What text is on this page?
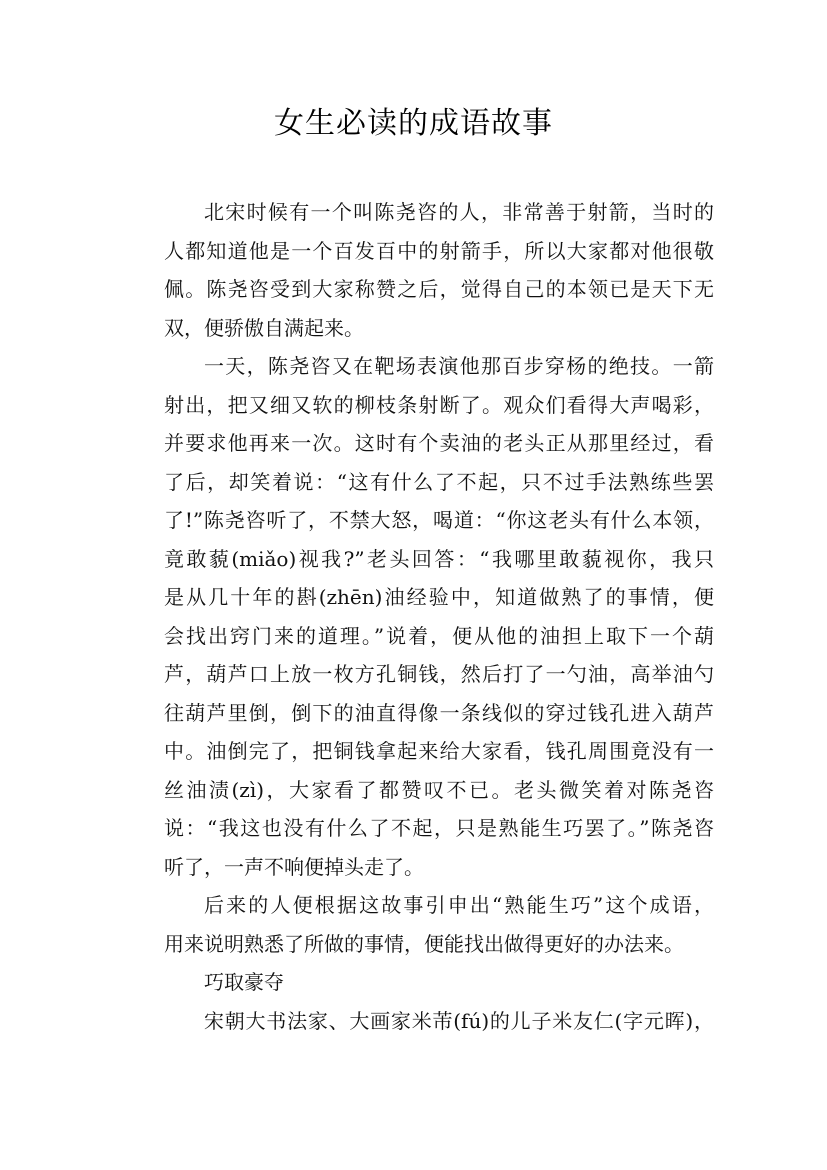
女生必读的成语故事

北宋时候有一个叫陈尧咨的人，非常善于射箭，当时的
人都知道他是一个百发百中的射箭手，所以大家都对他很敬
佩。陈尧咨受到大家称赞之后，觉得自己的本领已是天下无
双，便骄傲自满起来。

一天，陈尧咨又在靶场表演他那百步穿杨的绝技。一箭
射出，把又细又软的柳枝条射断了。观众们看得大声喝彩，
并要求他再来一次。这时有个卖油的老头正从那里经过，看
了后，却笑着说：“这有什么了不起，只不过手法熟练些罢
了!”陈尧咨听了，不禁大怒，喝道：“你这老头有什么本领，
竟敢藐(miǎo)视我?”老头回答：“我哪里敢藐视你，我只
是从几十年的斟(zhēn)油经验中，知道做熟了的事情，便
会找出窍门来的道理。”说着，便从他的油担上取下一个葫
芦，葫芦口上放一枚方孔铜钱，然后打了一勺油，高举油勺
往葫芦里倒，倒下的油直得像一条线似的穿过钱孔进入葫芦
中。油倒完了，把铜钱拿起来给大家看，钱孔周围竟没有一
丝油渍(zì)，大家看了都赞叹不已。老头微笑着对陈尧咨
说：“我这也没有什么了不起，只是熟能生巧罢了。”陈尧咨
听了，一声不响便掉头走了。

后来的人便根据这故事引申出“熟能生巧”这个成语，
用来说明熟悉了所做的事情，便能找出做得更好的办法来。

巧取豪夺

宋朝大书法家、大画家米芾(fú)的儿子米友仁(字元晖)，
